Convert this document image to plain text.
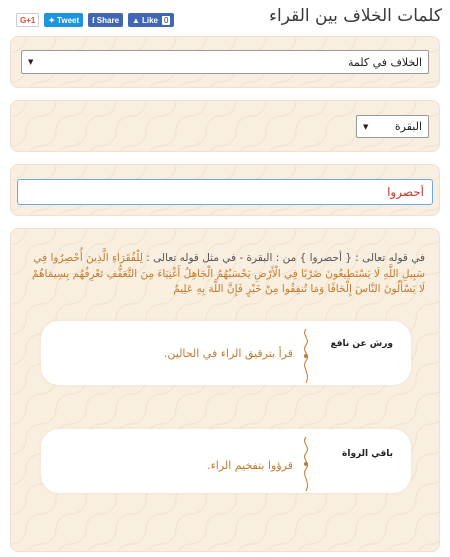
كلمات الخلاف بين القراء
G+1	✦ Tweet f Share ▲ Like 0
الخلاف في كلمة
▼
البقرة
▼
أحصروا
في قوله تعالى : { أحصروا } من : البقرة - في مثل قوله تعالى : لِلْفُقَرَاءِ الَّذِينَ أُحْصِرُوا فِي سَبِيلِ اللَّهِ لَا يَسْتَطِيعُونَ ضَرْبًا فِي الْأَرْضِ يَحْسَبُهُمُ الْجَاهِلُ أَغْنِيَاءَ مِنَ التَّعَفُّفِ تَعْرِفُهُم بِسِيمَاهُمْ لَا يَسْأَلُونَ النَّاسَ إِلْحَافًا وَمَا تُنفِقُوا مِنْ خَيْرٍ فَإِنَّ اللَّهَ بِهِ عَلِيمٌ
ورش عن نافع
قرأ بترقيق الراء في الحالين.
باقي الرواة
قرؤوا بتفخيم الراء.
